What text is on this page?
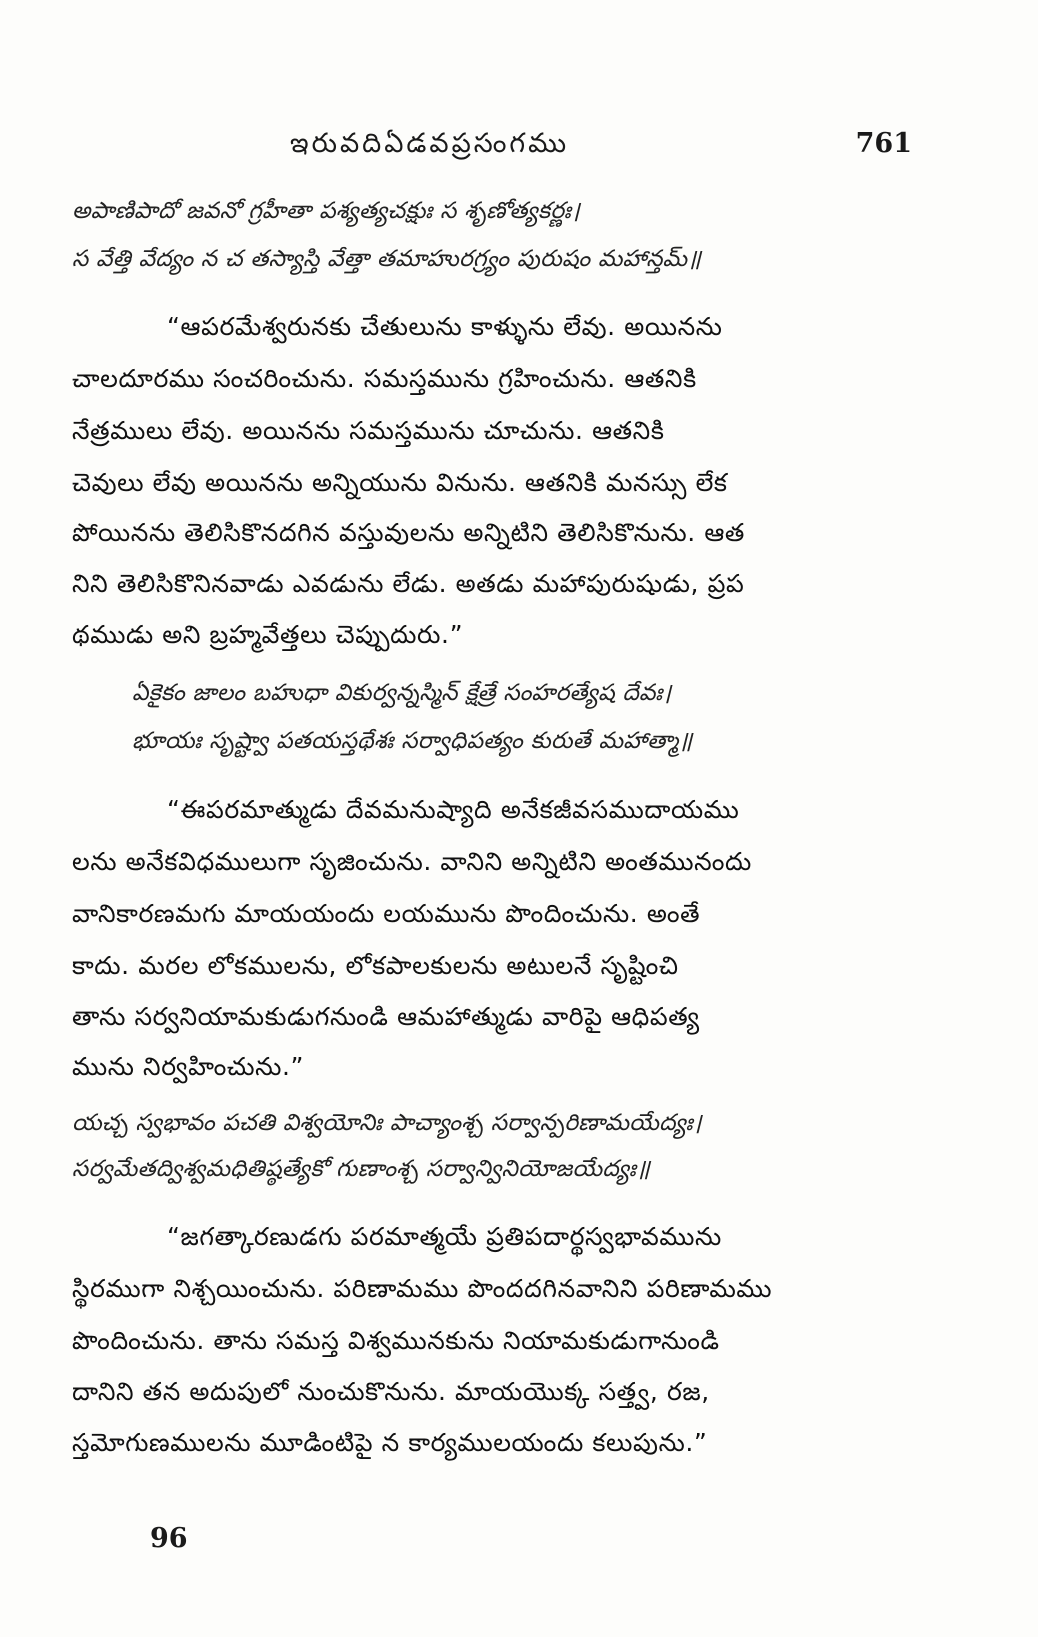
ఇరువదిఏడవప్రసంగము	761
అపాణిపాదో జవనో గ్రహీతా పశ్యత్యచక్షుః స శృణోత్యకర్ణః।
స వేత్తి వేద్యం న చ తస్యాస్తి వేత్తా తమాహురగ్ర్యం పురుషం మహాన్తమ్॥
“ఆపరమేశ్వరునకు చేతులును కాళ్ళును లేవు. అయినను
చాలదూరము సంచరించును. సమస్తమును గ్రహించును. ఆతనికి
నేత్రములు లేవు. అయినను సమస్తమును చూచును. ఆతనికి
చెవులు లేవు అయినను అన్నియును వినును. ఆతనికి మనస్సు లేక
పోయినను తెలిసికొనదగిన వస్తువులను అన్నిటిని తెలిసికొనును. ఆత
నిని తెలిసికొనినవాడు ఎవడును లేడు. అతడు మహాపురుషుడు, ప్రప
థముడు అని బ్రహ్మవేత్తలు చెప్పుదురు.”
ఏకైకం జాలం బహుధా వికుర్వన్నస్మిన్ క్షేత్రే సంహరత్యేష దేవః।
భూయః సృష్ట్వా పతయస్తథేశః సర్వాధిపత్యం కురుతే మహాత్మా॥
“ఈపరమాత్ముడు దేవమనుష్యాది అనేకజీవసముదాయము
లను అనేకవిధములుగా సృజించును. వానిని అన్నిటిని అంతమునందు
వానికారణమగు మాయయందు లయమును పొందించును. అంతే
కాదు. మరల లోకములను, లోకపాలకులను అటులనే సృష్టించి
తాను సర్వనియామకుడుగనుండి ఆమహాత్ముడు వారిపై ఆధిపత్య
మును నిర్వహించును.”
యచ్చ స్వభావం పచతి విశ్వయోనిః పాచ్యాంశ్చ సర్వాన్పరిణామయేద్యః।
సర్వమేతద్విశ్వమధితిష్ఠత్యేకో గుణాంశ్చ సర్వాన్వినియోజయేద్యః॥
“జగత్కారణుడగు పరమాత్మయే ప్రతిపదార్థస్వభావమును
స్థిరముగా నిశ్చయించును. పరిణామము పొందదగినవానిని పరిణామము
పొందించును. తాను సమస్త విశ్వమునకును నియామకుడుగానుండి
దానిని తన అదుపులో నుంచుకొనును. మాయయొక్క సత్త్వ, రజ,
స్తమోగుణములను మూడింటిపై న కార్యములయందు కలుపును.”
96
